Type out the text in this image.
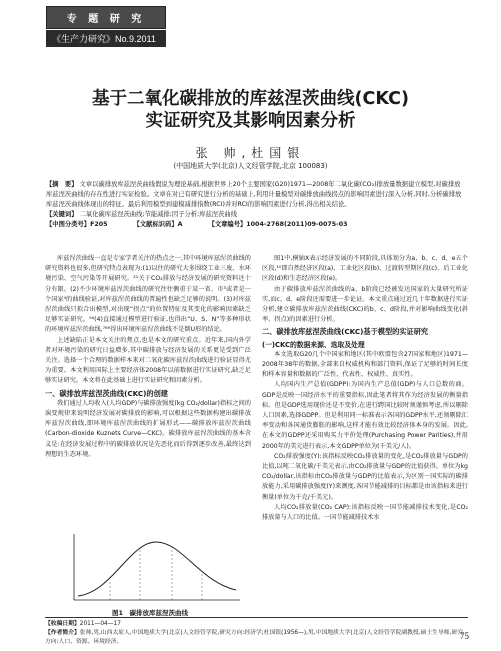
专 题 研 究
《生产力研究》No.9.2011
基于二氧化碳排放的库兹涅茨曲线(CKC)
实证研究及其影响因素分析
张 帅,杜国银
(中国地质大学(北京)人文经管学院,北京 100083)
【摘　要】 文章以碳排放库兹涅茨曲线假说为理论基础,根据世界上20个主要国家(G20)1971—2008年二氧化碳(CO₂)排放量数据建立模型,对碳排放库兹涅茨曲线的存在性进行实证检验。文章在对已有研究进行分析的基础上,利用计量模型对碳排放曲线拐点的影响因素进行深入分析,同时,分析碳排放库兹涅茨曲线体现出的特征。最后利用模型到建模减排指数(RCI)并对RCI的影响因素进行分析,得出相关结论。
【关键词】 二氧化碳库兹涅茨曲线;节能减排;因子分析;库兹涅茨曲线
【中图分类号】F205	【文献标识码】A	【文章编号】1004-2768(2011)09-0075-03

库兹涅茨曲线一直是专家学者关注的热点之一,其中环境库兹涅茨曲线的研究资料也很多,但研究特点表现为:(1)以往的研究大多围绕工业三废、水环境污染、空气污染等开展研究。²¹关于CO₂排放与经济发展的研究资料还十分有限。(2)不少环境库兹涅茨曲线的研究往往侧重于某一省、市³或者是一个国家⁴的曲线验证,对库兹涅茨曲线的普遍性也缺乏足够的说明。(3)对库兹涅茨曲线只拟合出模型,对出现“拐点”的位置特征及其变化的影响因素缺乏足够实证研究。⁵⁶(4)直接通过模型进行验证,也得出“U、S、N”等多种形状的环境库兹涅茨曲线,⁷⁸⁹得出环境库兹涅茨曲线不是倒U形的结论。

上述缺陷正是本文关注的焦点,也是本文的研究重点。近年来,国内外学者对环境污染的研究日益增多,其中碳排放与经济发展的关系更是受到广泛关注。选择一个合理的数据样本来对二氧化碳库兹涅茨曲线进行验证显得尤为重要。本文利用国际上主要经济体2008年以前数据进行实证研究,缺乏足够实证研究。本文将在此基础上进行实证研究和因素分析。

一、碳排放库兹涅茨曲线(CKC)的创建

我们通过人均收入(人均GDP)与碳排放强度(kg CO₂/dollar)指标之间的演变规律来说明经济发展对碳排放的影响,可以根据这些数据构建出碳排放库兹涅茨曲线,即环境库兹涅茨曲线的扩展形式——碳排放库兹涅茨曲线(Carbon-dioxide Kuznets Curve—CKC)。碳排放库兹涅茨曲线的基本含义是:在经济发展过程中的碳排放状况是先恶化而后得到逐步改善,最终达到理想的生态环境。

图1　碳排放库兹涅茨曲线

图1中,横轴X表示经济发展的不同阶段,具体划分为a、b、c、d、e五个区段,¹⁰即自然经济区段(a)、工业化区段(b)、过渡转型期区段(c)、后工业化区段(d)和生态经济区段(e)。

由于碳排放库兹涅茨曲线的a、b阶段已经被发达国家的大量研究所证实,而c、d、e阶段还需要进一步论证。本文重点通过近几十年数据进行实证分析,建立碳排放库兹涅茨曲线(CKC)的b、c、d阶段,并对影响曲线变化(斜率、拐点)的因素进行分析。

二、碳排放库兹涅茨曲线(CKC)基于模型的实证研究

(一)CKC的数据来源、选取及处理

本文选取G20几个中国家和地区(其中欧盟包含27国家和地区)1971—2008年38年的数据,全部来自权威机构和部门资料,保证了足够的时间长度和样本容量和数据的广泛性、代表性、权威性、真实性。

人均国内生产总值(GDPP):为国内生产总值(GDP)与人口总数的商。GDP是反映一国经济水平的重要指标,因此笔者将其作为经济发展的衡量指标。但是GDP选用现价还是不变价,在进行跨国比较时须谨慎考虑,所以剔除人口因素,选择GDPP。但是利用同一标准表示各国的GDPP水平,还须剔除汇率变动和各国通货膨胀的影响,这样才能有效比较经济体本身的发展。因此,在本文的GDPP还采用购买力平价处理(Purchasing Power Parities),并用2000年的美元进行表示,本文GDPP单位为(千美元/人)。

CO₂排放强度(Y):该指标反映CO₂排放量的变化,是CO₂排放量与GDP的比值,以吨二氧化碳/千美元表示,由CO₂排放量与GDP的比值获得。单位为kg CO₂/dollar,该指标由CO₂排放量与GDP的比值表示,为区别一国实际的碳排放能力,采用碳排放强度(Y)来测度,各国节能减排的目标都是由该指标来进行衡量(单位为千克/千美元)。

人均CO₂排放量(CO₂ CAP):该指标反映一国节能减排技术变化,是CO₂排放量与人口的比值。一国节能减排技术水

【收稿日期】2011—04—17
【作者简介】张帅,男,山西太原人,中国地质大学(北京)人文经管学院,研究方向:经济学;杜国银(1956—),男,中国地质大学(北京)人文经管学院副教授,硕士生导师,研究方向:人口、资源、环境经济。
75
